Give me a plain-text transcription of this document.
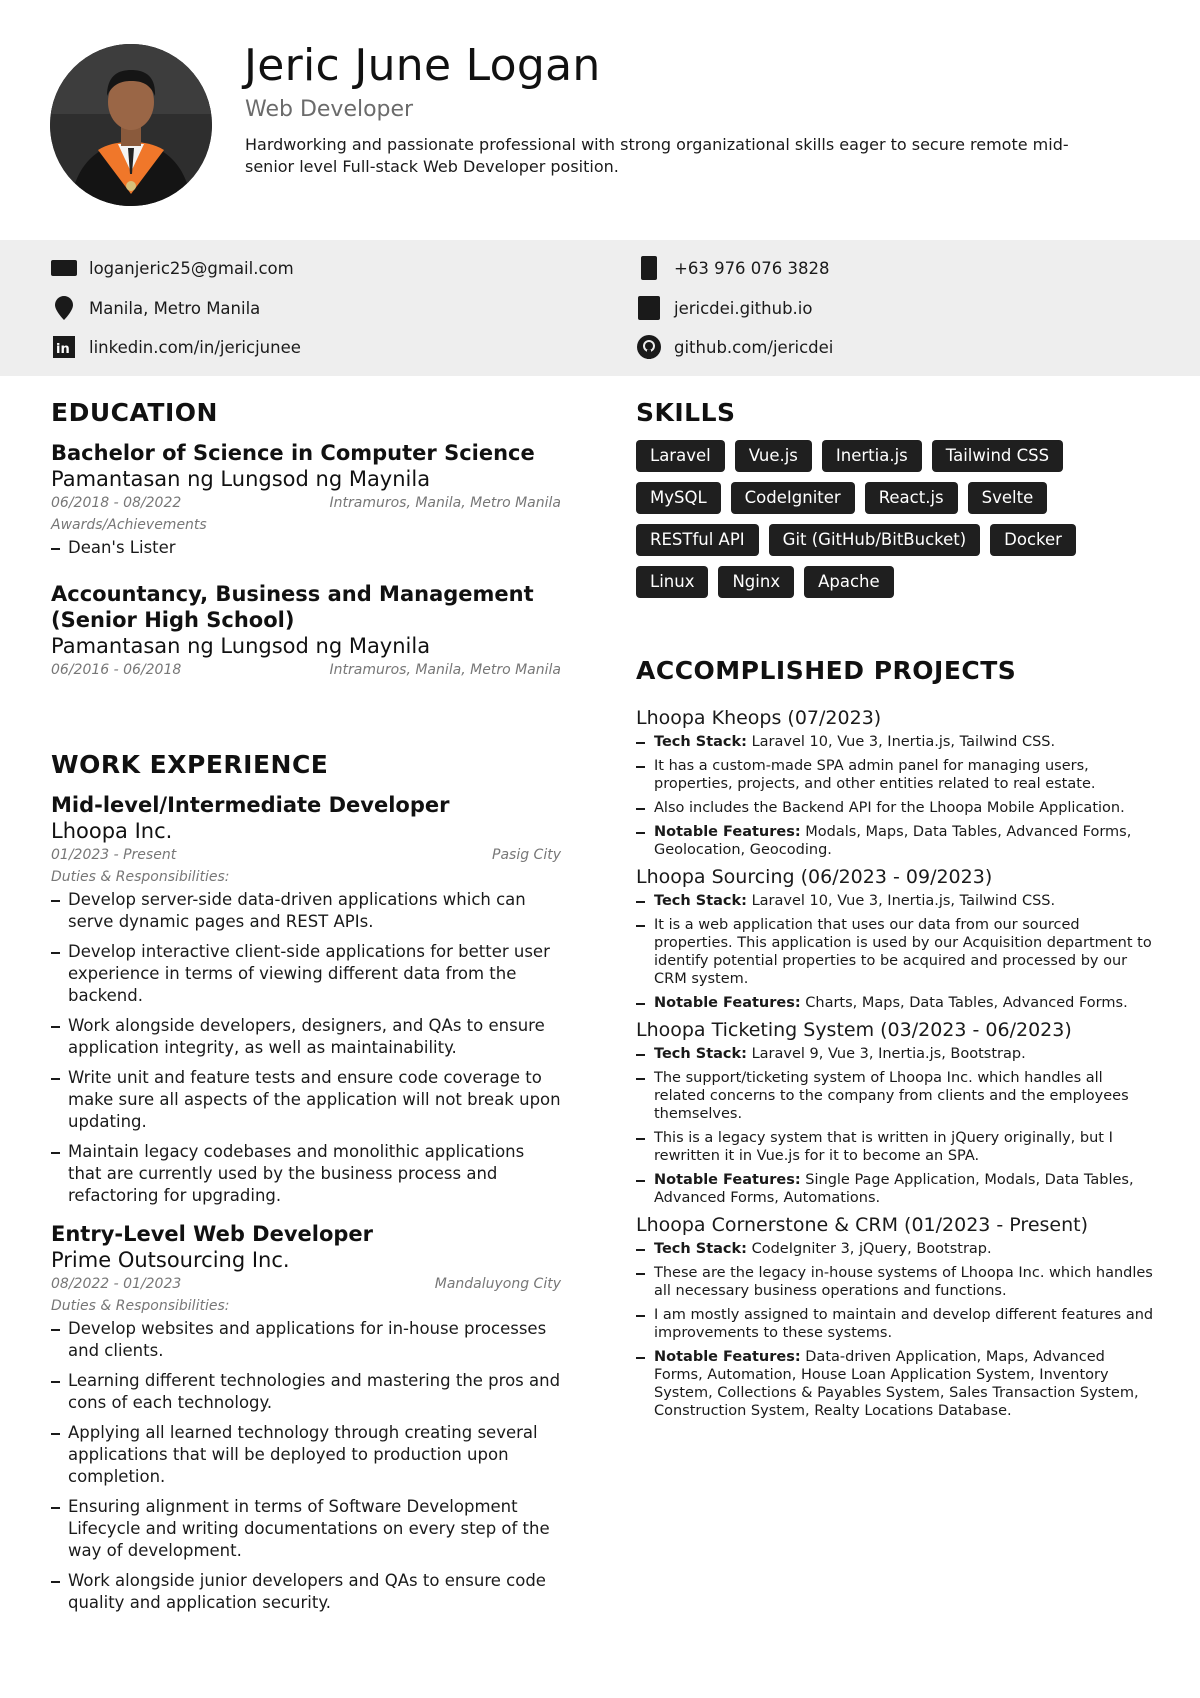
Jeric June Logan
Web Developer
Hardworking and passionate professional with strong organizational skills eager to secure remote mid-senior level Full-stack Web Developer position.
loganjeric25@gmail.com
Manila, Metro Manila
in linkedin.com/in/jericjunee
+63 976 076 3828
jericdei.github.io
github.com/jericdei
EDUCATION
Bachelor of Science in Computer Science
Pamantasan ng Lungsod ng Maynila
06/2018 - 08/2022	Intramuros, Manila, Metro Manila
Awards/Achievements
Dean's Lister
Accountancy, Business and Management (Senior High School)
Pamantasan ng Lungsod ng Maynila
06/2016 - 06/2018	Intramuros, Manila, Metro Manila
WORK EXPERIENCE
Mid-level/Intermediate Developer
Lhoopa Inc.
01/2023 - Present	Pasig City
Duties & Responsibilities:
Develop server-side data-driven applications which can serve dynamic pages and REST APIs.
Develop interactive client-side applications for better user experience in terms of viewing different data from the backend.
Work alongside developers, designers, and QAs to ensure application integrity, as well as maintainability.
Write unit and feature tests and ensure code coverage to make sure all aspects of the application will not break upon updating.
Maintain legacy codebases and monolithic applications that are currently used by the business process and refactoring for upgrading.
Entry-Level Web Developer
Prime Outsourcing Inc.
08/2022 - 01/2023	Mandaluyong City
Duties & Responsibilities:
Develop websites and applications for in-house processes and clients.
Learning different technologies and mastering the pros and cons of each technology.
Applying all learned technology through creating several applications that will be deployed to production upon completion.
Ensuring alignment in terms of Software Development Lifecycle and writing documentations on every step of the way of development.
Work alongside junior developers and QAs to ensure code quality and application security.
SKILLS
Laravel	Vue.js	Inertia.js	Tailwind CSS
MySQL	CodeIgniter	React.js	Svelte
RESTful API	Git (GitHub/BitBucket)	Docker
Linux	Nginx	Apache
ACCOMPLISHED PROJECTS
Lhoopa Kheops (07/2023)
Tech Stack: Laravel 10, Vue 3, Inertia.js, Tailwind CSS.
It has a custom-made SPA admin panel for managing users, properties, projects, and other entities related to real estate.
Also includes the Backend API for the Lhoopa Mobile Application.
Notable Features: Modals, Maps, Data Tables, Advanced Forms, Geolocation, Geocoding.
Lhoopa Sourcing (06/2023 - 09/2023)
Tech Stack: Laravel 10, Vue 3, Inertia.js, Tailwind CSS.
It is a web application that uses our data from our sourced properties. This application is used by our Acquisition department to identify potential properties to be acquired and processed by our CRM system.
Notable Features: Charts, Maps, Data Tables, Advanced Forms.
Lhoopa Ticketing System (03/2023 - 06/2023)
Tech Stack: Laravel 9, Vue 3, Inertia.js, Bootstrap.
The support/ticketing system of Lhoopa Inc. which handles all related concerns to the company from clients and the employees themselves.
This is a legacy system that is written in jQuery originally, but I rewritten it in Vue.js for it to become an SPA.
Notable Features: Single Page Application, Modals, Data Tables, Advanced Forms, Automations.
Lhoopa Cornerstone & CRM (01/2023 - Present)
Tech Stack: CodeIgniter 3, jQuery, Bootstrap.
These are the legacy in-house systems of Lhoopa Inc. which handles all necessary business operations and functions.
I am mostly assigned to maintain and develop different features and improvements to these systems.
Notable Features: Data-driven Application, Maps, Advanced Forms, Automation, House Loan Application System, Inventory System, Collections & Payables System, Sales Transaction System, Construction System, Realty Locations Database.
